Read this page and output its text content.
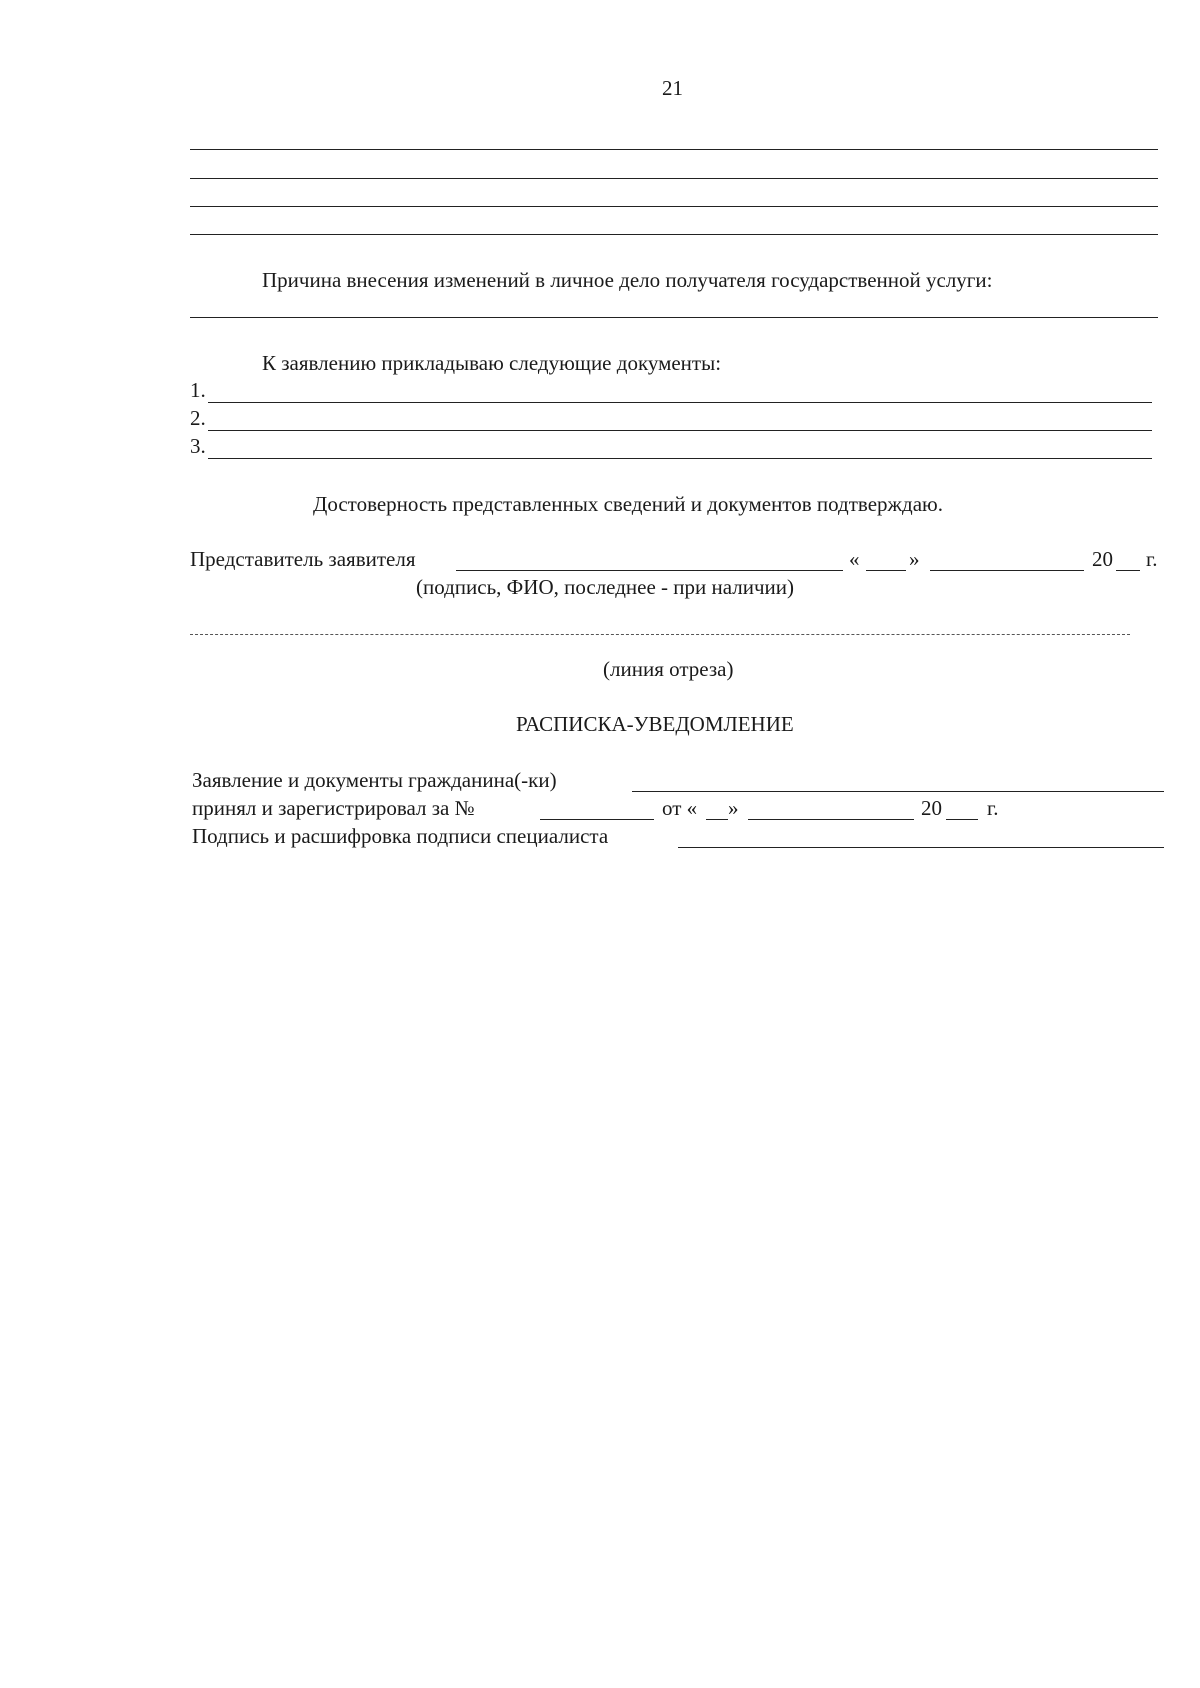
21
Причина внесения изменений в личное дело получателя государственной услуги:
К заявлению прикладываю следующие документы:
1.
2.
3.
Достоверность представленных сведений и документов подтверждаю.
Представитель заявителя	« »	20 г.
(подпись, ФИО, последнее - при наличии)
(линия отреза)
РАСПИСКА-УВЕДОМЛЕНИЕ
Заявление и документы гражданина(-ки)
принял и зарегистрировал за №	от « »	20 г.
Подпись и расшифровка подписи специалиста
